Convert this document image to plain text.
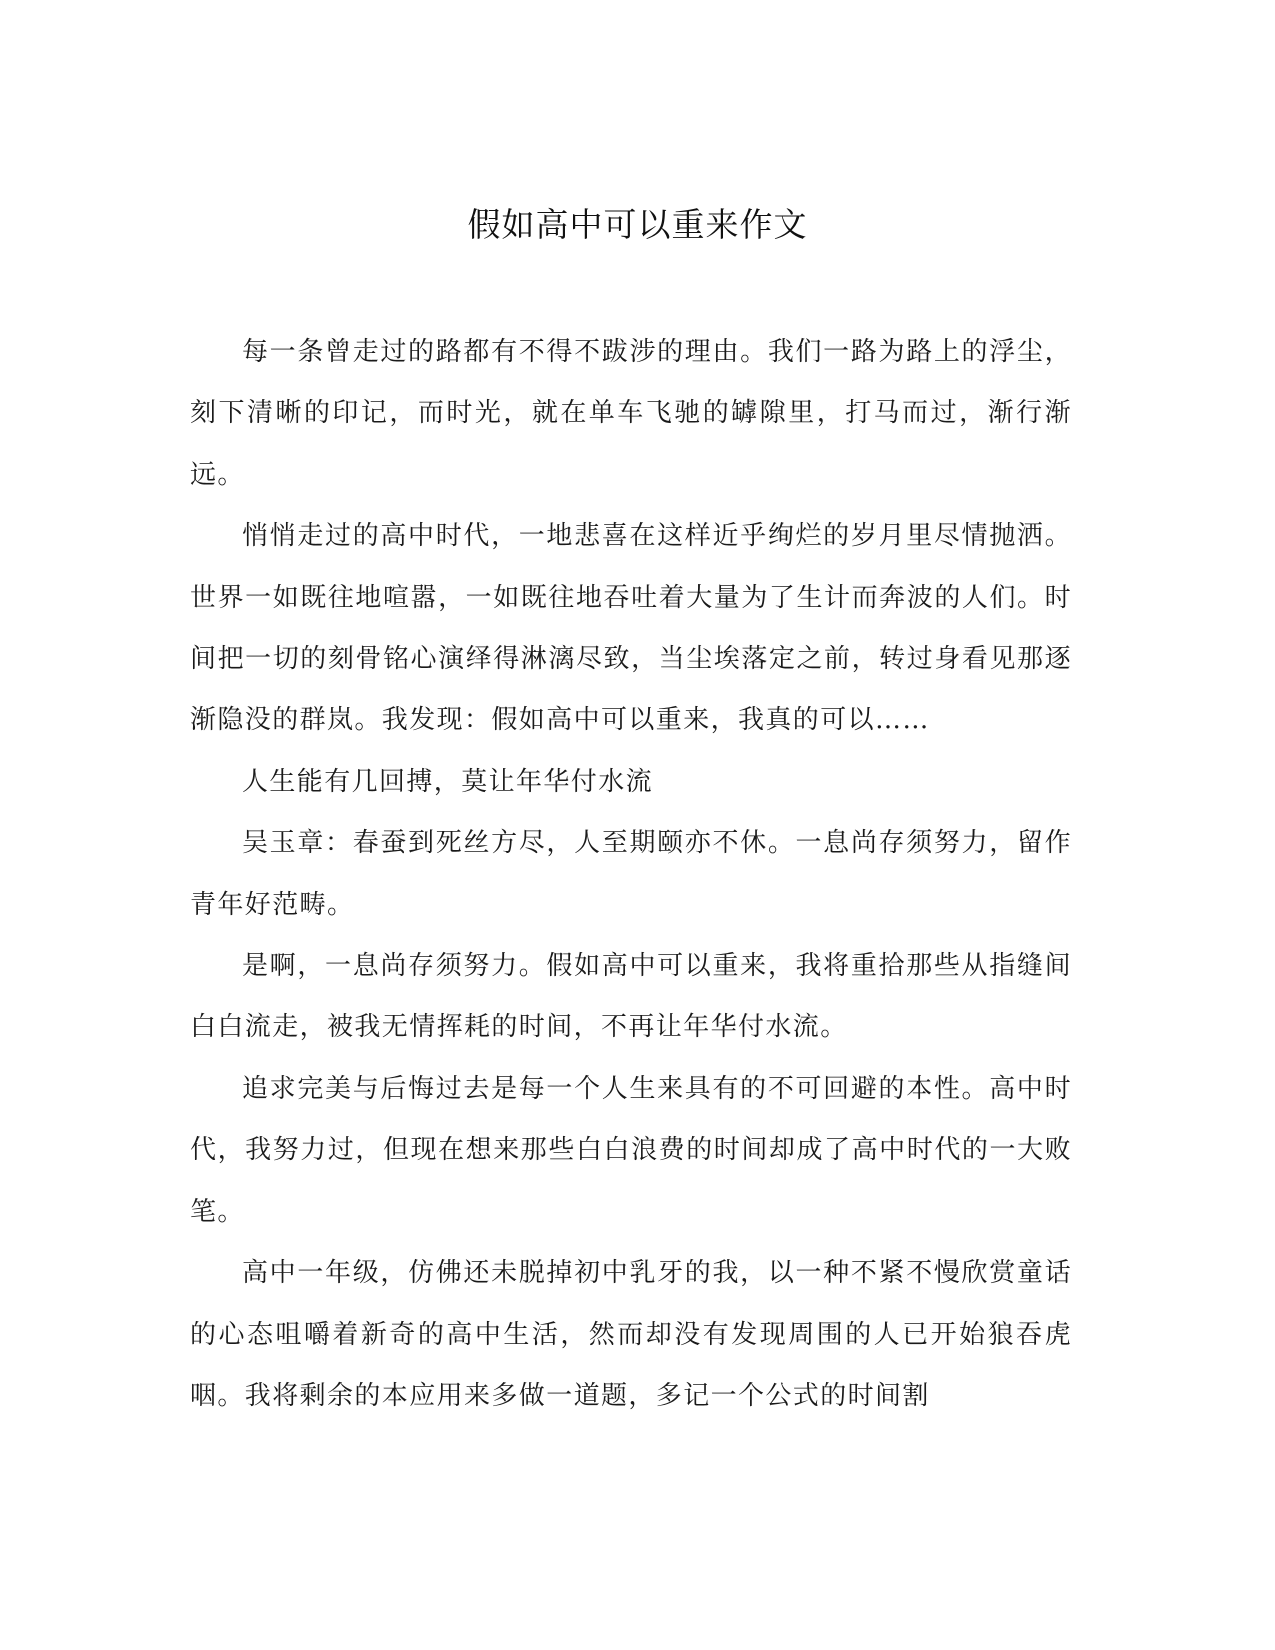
假如高中可以重来作文

每一条曾走过的路都有不得不跋涉的理由。我们一路为路上的浮尘，刻下清晰的印记，而时光，就在单车飞驰的罅隙里，打马而过，渐行渐远。

悄悄走过的高中时代，一地悲喜在这样近乎绚烂的岁月里尽情抛洒。世界一如既往地喧嚣，一如既往地吞吐着大量为了生计而奔波的人们。时间把一切的刻骨铭心演绎得淋漓尽致，当尘埃落定之前，转过身看见那逐渐隐没的群岚。我发现：假如高中可以重来，我真的可以……

人生能有几回搏，莫让年华付水流

吴玉章：春蚕到死丝方尽，人至期颐亦不休。一息尚存须努力，留作青年好范畴。

是啊，一息尚存须努力。假如高中可以重来，我将重拾那些从指缝间白白流走，被我无情挥耗的时间，不再让年华付水流。

追求完美与后悔过去是每一个人生来具有的不可回避的本性。高中时代，我努力过，但现在想来那些白白浪费的时间却成了高中时代的一大败笔。

高中一年级，仿佛还未脱掉初中乳牙的我，以一种不紧不慢欣赏童话的心态咀嚼着新奇的高中生活，然而却没有发现周围的人已开始狼吞虎咽。我将剩余的本应用来多做一道题，多记一个公式的时间割
